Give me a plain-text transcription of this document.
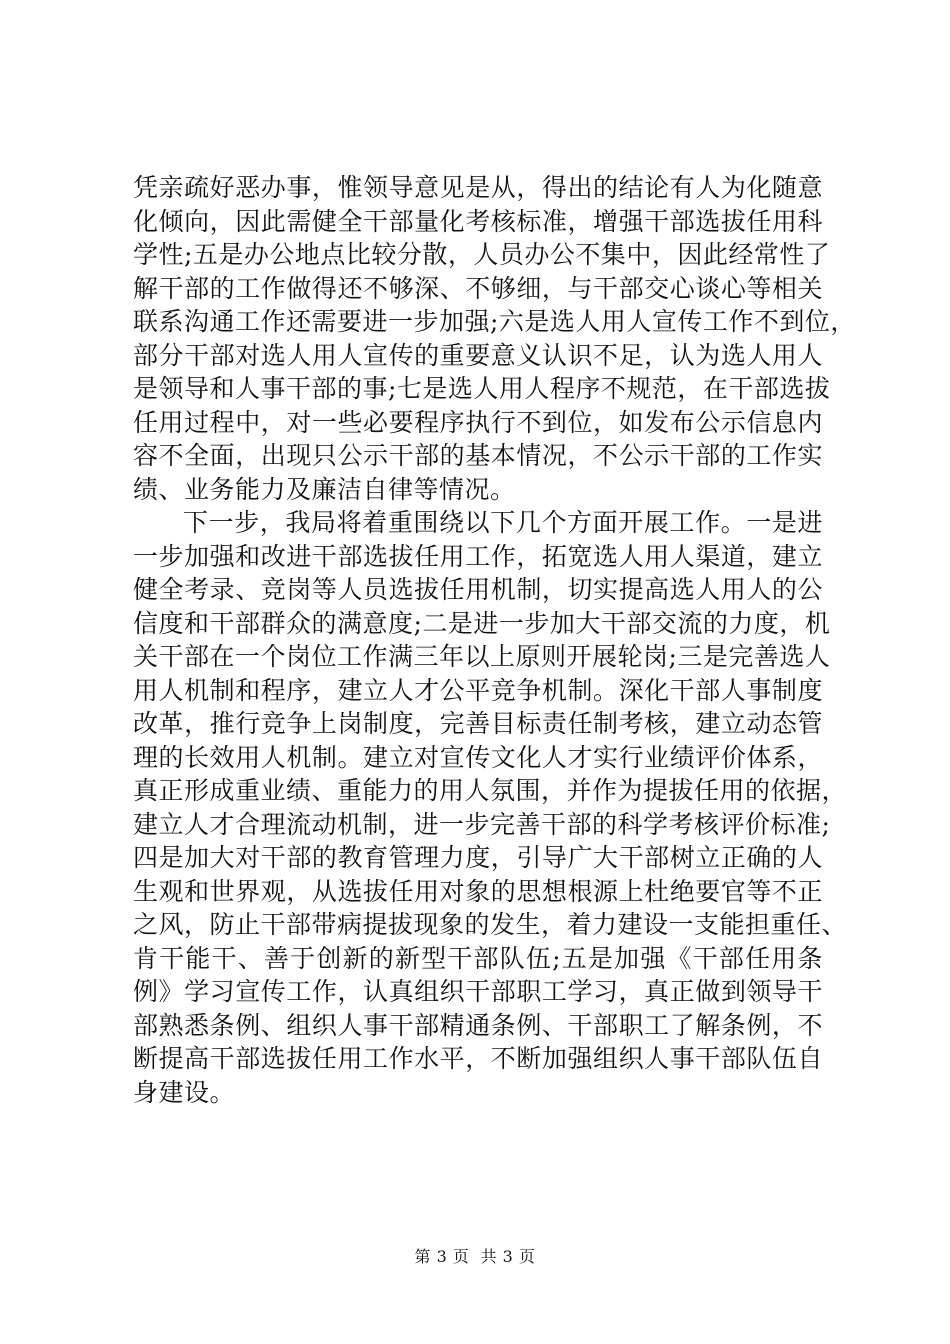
凭亲疏好恶办事，惟领导意见是从，得出的结论有人为化随意
化倾向，因此需健全干部量化考核标准，增强干部选拔任用科
学性;五是办公地点比较分散，人员办公不集中，因此经常性了
解干部的工作做得还不够深、不够细，与干部交心谈心等相关
联系沟通工作还需要进一步加强;六是选人用人宣传工作不到位，
部分干部对选人用人宣传的重要意义认识不足，认为选人用人
是领导和人事干部的事;七是选人用人程序不规范，在干部选拔
任用过程中，对一些必要程序执行不到位，如发布公示信息内
容不全面，出现只公示干部的基本情况，不公示干部的工作实
绩、业务能力及廉洁自律等情况。
下一步，我局将着重围绕以下几个方面开展工作。一是进
一步加强和改进干部选拔任用工作，拓宽选人用人渠道，建立
健全考录、竞岗等人员选拔任用机制，切实提高选人用人的公
信度和干部群众的满意度;二是进一步加大干部交流的力度，机
关干部在一个岗位工作满三年以上原则开展轮岗;三是完善选人
用人机制和程序，建立人才公平竞争机制。深化干部人事制度
改革，推行竞争上岗制度，完善目标责任制考核，建立动态管
理的长效用人机制。建立对宣传文化人才实行业绩评价体系，
真正形成重业绩、重能力的用人氛围，并作为提拔任用的依据，
建立人才合理流动机制，进一步完善干部的科学考核评价标准;
四是加大对干部的教育管理力度，引导广大干部树立正确的人
生观和世界观，从选拔任用对象的思想根源上杜绝要官等不正
之风，防止干部带病提拔现象的发生，着力建设一支能担重任、
肯干能干、善于创新的新型干部队伍;五是加强《干部任用条
例》学习宣传工作，认真组织干部职工学习，真正做到领导干
部熟悉条例、组织人事干部精通条例、干部职工了解条例，不
断提高干部选拔任用工作水平，不断加强组织人事干部队伍自
身建设。
第 3 页  共 3 页
